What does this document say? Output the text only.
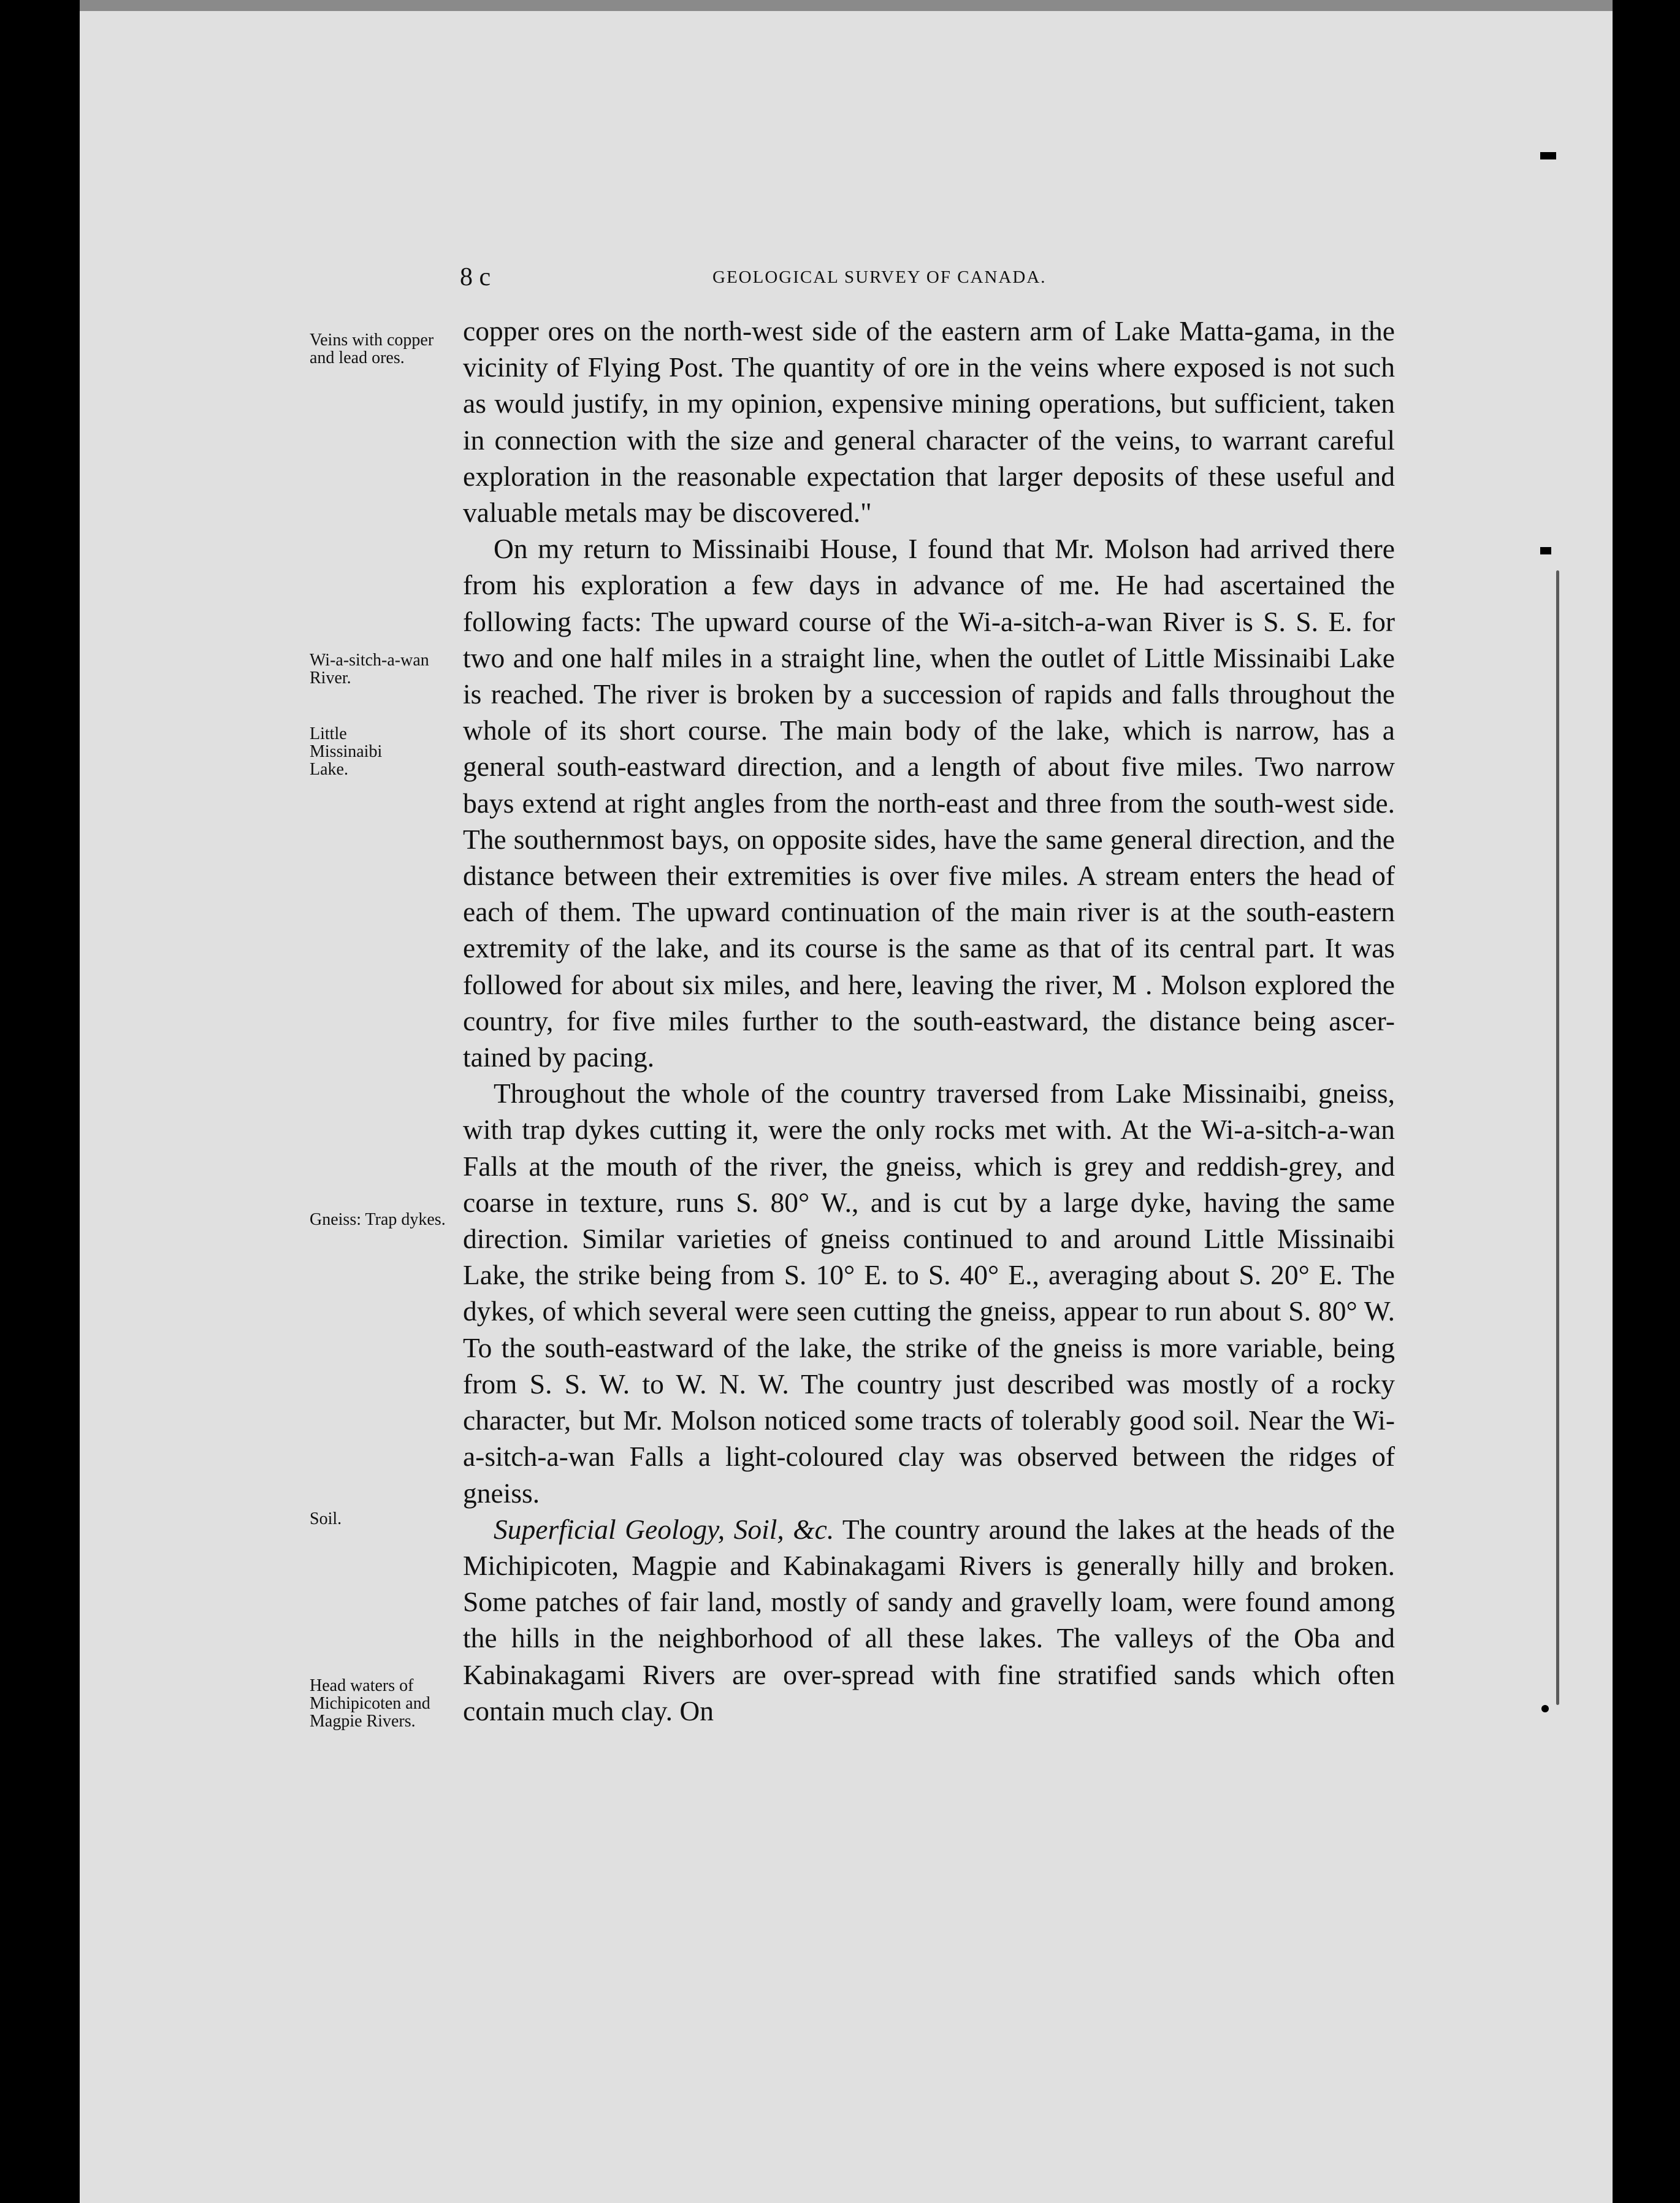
8 c	GEOLOGICAL SURVEY OF CANADA.
Veins with copper and lead ores.
Wi-a-sitch-a-wan River.
Little Missinaibi Lake.
Gneiss: Trap dykes.
Soil.
Head waters of Michipicoten and Magpie Rivers.

copper ores on the north-west side of the eastern arm of Lake Matta-gama, in the vicinity of Flying Post. The quantity of ore in the veins where exposed is not such as would justify, in my opinion, expensive mining operations, but sufficient, taken in connection with the size and general character of the veins, to warrant careful exploration in the reasonable expectation that larger deposits of these useful and valuable metals may be discovered."

On my return to Missinaibi House, I found that Mr. Molson had arrived there from his exploration a few days in advance of me. He had ascertained the following facts: The upward course of the Wi-a-sitch-a-wan River is S. S. E. for two and one half miles in a straight line, when the outlet of Little Missinaibi Lake is reached. The river is broken by a succession of rapids and falls throughout the whole of its short course. The main body of the lake, which is narrow, has a general south-eastward direction, and a length of about five miles. Two narrow bays extend at right angles from the north-east and three from the south-west side. The southernmost bays, on opposite sides, have the same general direction, and the distance between their extremities is over five miles. A stream enters the head of each of them. The upward continuation of the main river is at the south-eastern extremity of the lake, and its course is the same as that of its central part. It was followed for about six miles, and here, leaving the river, M . Molson explored the country, for five miles further to the south-eastward, the distance being ascer-tained by pacing.

Throughout the whole of the country traversed from Lake Missinaibi, gneiss, with trap dykes cutting it, were the only rocks met with. At the Wi-a-sitch-a-wan Falls at the mouth of the river, the gneiss, which is grey and reddish-grey, and coarse in texture, runs S. 80° W., and is cut by a large dyke, having the same direction. Similar varieties of gneiss continued to and around Little Missinaibi Lake, the strike being from S. 10° E. to S. 40° E., averaging about S. 20° E. The dykes, of which several were seen cutting the gneiss, appear to run about S. 80° W. To the south-eastward of the lake, the strike of the gneiss is more variable, being from S. S. W. to W. N. W. The country just described was mostly of a rocky character, but Mr. Molson noticed some tracts of tolerably good soil. Near the Wi-a-sitch-a-wan Falls a light-coloured clay was observed between the ridges of gneiss.

Superficial Geology, Soil, &c. The country around the lakes at the heads of the Michipicoten, Magpie and Kabinakagami Rivers is generally hilly and broken. Some patches of fair land, mostly of sandy and gravelly loam, were found among the hills in the neighborhood of all these lakes. The valleys of the Oba and Kabinakagami Rivers are over-spread with fine stratified sands which often contain much clay. On
